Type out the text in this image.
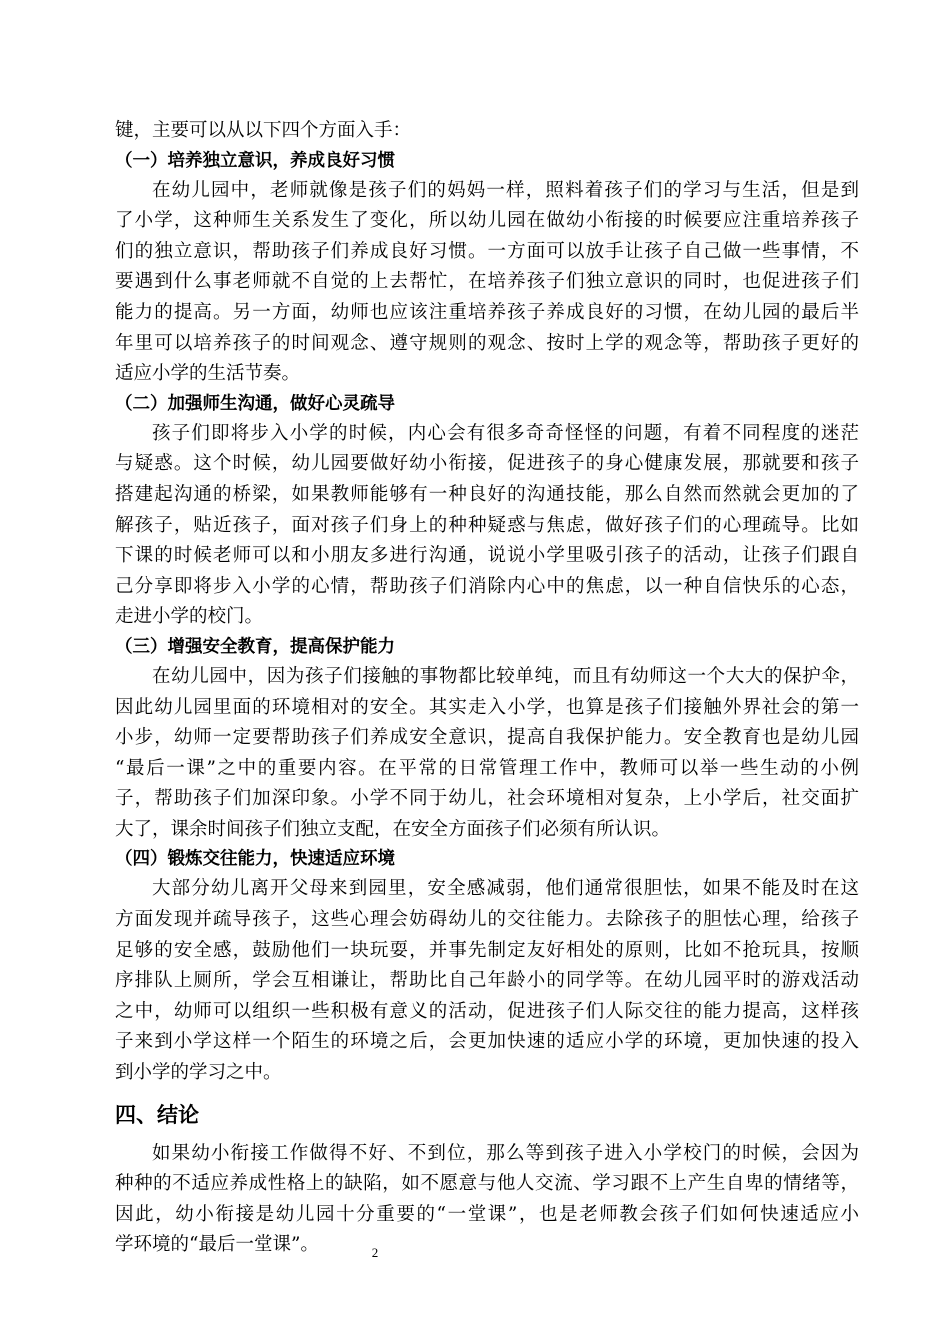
键，主要可以从以下四个方面入手：
（一）培养独立意识，养成良好习惯
在幼儿园中，老师就像是孩子们的妈妈一样，照料着孩子们的学习与生活，但是到
了小学，这种师生关系发生了变化，所以幼儿园在做幼小衔接的时候要应注重培养孩子
们的独立意识，帮助孩子们养成良好习惯。一方面可以放手让孩子自己做一些事情，不
要遇到什么事老师就不自觉的上去帮忙，在培养孩子们独立意识的同时，也促进孩子们
能力的提高。另一方面，幼师也应该注重培养孩子养成良好的习惯，在幼儿园的最后半
年里可以培养孩子的时间观念、遵守规则的观念、按时上学的观念等，帮助孩子更好的
适应小学的生活节奏。
（二）加强师生沟通，做好心灵疏导
孩子们即将步入小学的时候，内心会有很多奇奇怪怪的问题，有着不同程度的迷茫
与疑惑。这个时候，幼儿园要做好幼小衔接，促进孩子的身心健康发展，那就要和孩子
搭建起沟通的桥梁，如果教师能够有一种良好的沟通技能，那么自然而然就会更加的了
解孩子，贴近孩子，面对孩子们身上的种种疑惑与焦虑，做好孩子们的心理疏导。比如
下课的时候老师可以和小朋友多进行沟通，说说小学里吸引孩子的活动，让孩子们跟自
己分享即将步入小学的心情，帮助孩子们消除内心中的焦虑，以一种自信快乐的心态，
走进小学的校门。
（三）增强安全教育，提高保护能力
在幼儿园中，因为孩子们接触的事物都比较单纯，而且有幼师这一个大大的保护伞，
因此幼儿园里面的环境相对的安全。其实走入小学，也算是孩子们接触外界社会的第一
小步，幼师一定要帮助孩子们养成安全意识，提高自我保护能力。安全教育也是幼儿园
“最后一课”之中的重要内容。在平常的日常管理工作中，教师可以举一些生动的小例
子，帮助孩子们加深印象。小学不同于幼儿，社会环境相对复杂，上小学后，社交面扩
大了，课余时间孩子们独立支配，在安全方面孩子们必须有所认识。
（四）锻炼交往能力，快速适应环境
大部分幼儿离开父母来到园里，安全感减弱，他们通常很胆怯，如果不能及时在这
方面发现并疏导孩子，这些心理会妨碍幼儿的交往能力。去除孩子的胆怯心理，给孩子
足够的安全感，鼓励他们一块玩耍，并事先制定友好相处的原则，比如不抢玩具，按顺
序排队上厕所，学会互相谦让，帮助比自己年龄小的同学等。在幼儿园平时的游戏活动
之中，幼师可以组织一些积极有意义的活动，促进孩子们人际交往的能力提高，这样孩
子来到小学这样一个陌生的环境之后，会更加快速的适应小学的环境，更加快速的投入
到小学的学习之中。
四、结论
如果幼小衔接工作做得不好、不到位，那么等到孩子进入小学校门的时候，会因为
种种的不适应养成性格上的缺陷，如不愿意与他人交流、学习跟不上产生自卑的情绪等，
因此，幼小衔接是幼儿园十分重要的“一堂课”，也是老师教会孩子们如何快速适应小
学环境的“最后一堂课”。	2
